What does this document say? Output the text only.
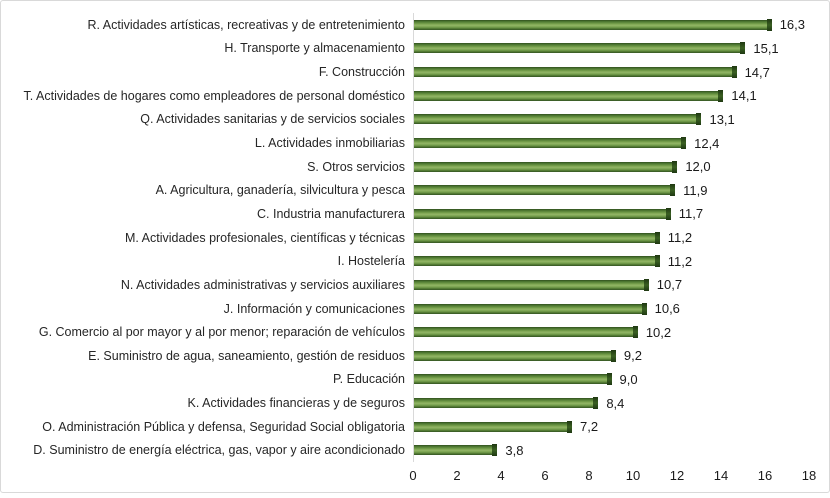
R. Actividades artísticas, recreativas y de entretenimiento	16,3
H. Transporte y almacenamiento	15,1
F. Construcción	14,7
T. Actividades de hogares como empleadores de personal doméstico	14,1
Q. Actividades sanitarias y de servicios sociales	13,1
L. Actividades inmobiliarias	12,4
S. Otros servicios	12,0
A. Agricultura, ganadería, silvicultura y pesca	11,9
C. Industria manufacturera	11,7
M. Actividades profesionales, científicas y técnicas	11,2
I. Hostelería	11,2
N. Actividades administrativas y servicios auxiliares	10,7
J. Información y comunicaciones	10,6
G. Comercio al por mayor y al por menor; reparación de vehículos	10,2
E. Suministro de agua, saneamiento, gestión de residuos	9,2
P. Educación	9,0
K. Actividades financieras y de seguros	8,4
O. Administración Pública y defensa, Seguridad Social obligatoria	7,2
D. Suministro de energía eléctrica, gas, vapor y aire acondicionado	3,8
0	2	4	6	8	10 12 14 16 18
